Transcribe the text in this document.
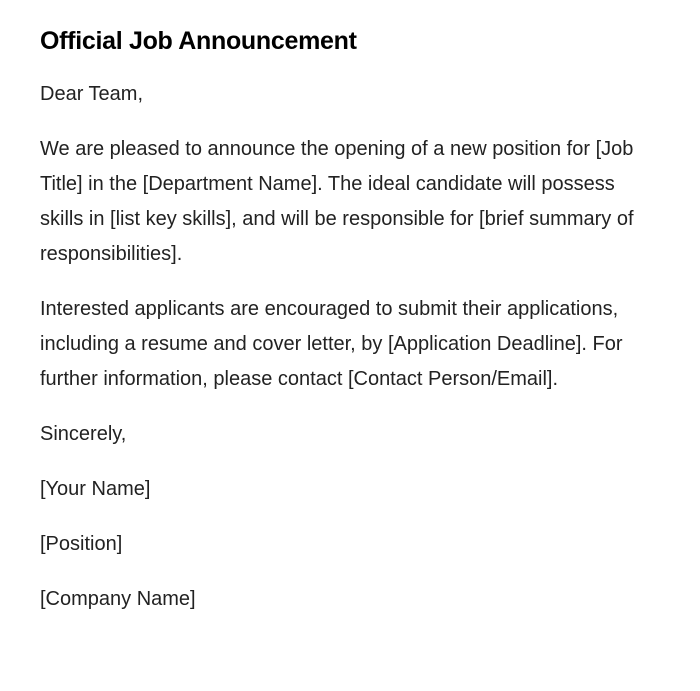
Official Job Announcement

Dear Team,

We are pleased to announce the opening of a new position for [Job Title] in the [Department Name]. The ideal candidate will possess skills in [list key skills], and will be responsible for [brief summary of responsibilities].

Interested applicants are encouraged to submit their applications, including a resume and cover letter, by [Application Deadline]. For further information, please contact [Contact Person/Email].

Sincerely,

[Your Name]

[Position]

[Company Name]
